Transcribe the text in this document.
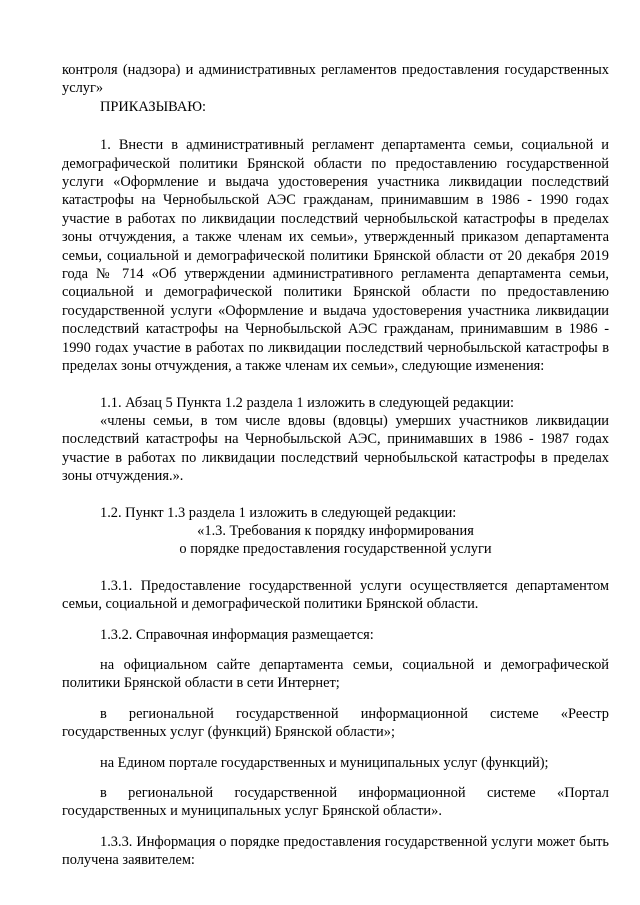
контроля (надзора) и административных регламентов предоставления государственных услуг»

ПРИКАЗЫВАЮ:

1. Внести в административный регламент департамента семьи, социальной и демографической политики Брянской области по предоставлению государственной услуги «Оформление и выдача удостоверения участника ликвидации последствий катастрофы на Чернобыльской АЭС гражданам, принимавшим в 1986 - 1990 годах участие в работах по ликвидации последствий чернобыльской катастрофы в пределах зоны отчуждения, а также членам их семьи», утвержденный приказом департамента семьи, социальной и демографической политики Брянской области от 20 декабря 2019 года № 714 «Об утверждении административного регламента департамента семьи, социальной и демографической политики Брянской области по предоставлению государственной услуги «Оформление и выдача удостоверения участника ликвидации последствий катастрофы на Чернобыльской АЭС гражданам, принимавшим в 1986 - 1990 годах участие в работах по ликвидации последствий чернобыльской катастрофы в пределах зоны отчуждения, а также членам их семьи», следующие изменения:

1.1. Абзац 5 Пункта 1.2 раздела 1 изложить в следующей редакции:

«члены семьи, в том числе вдовы (вдовцы) умерших участников ликвидации последствий катастрофы на Чернобыльской АЭС, принимавших в 1986 - 1987 годах участие в работах по ликвидации последствий чернобыльской катастрофы в пределах зоны отчуждения.».

1.2. Пункт 1.3 раздела 1 изложить в следующей редакции:

«1.3. Требования к порядку информирования

о порядке предоставления государственной услуги

1.3.1. Предоставление государственной услуги осуществляется департаментом семьи, социальной и демографической политики Брянской области.

1.3.2. Справочная информация размещается:

на официальном сайте департамента семьи, социальной и демографической политики Брянской области в сети Интернет;

в региональной государственной информационной системе «Реестр государственных услуг (функций) Брянской области»;

на Едином портале государственных и муниципальных услуг (функций);

в региональной государственной информационной системе «Портал государственных и муниципальных услуг Брянской области».

1.3.3. Информация о порядке предоставления государственной услуги может быть получена заявителем:
